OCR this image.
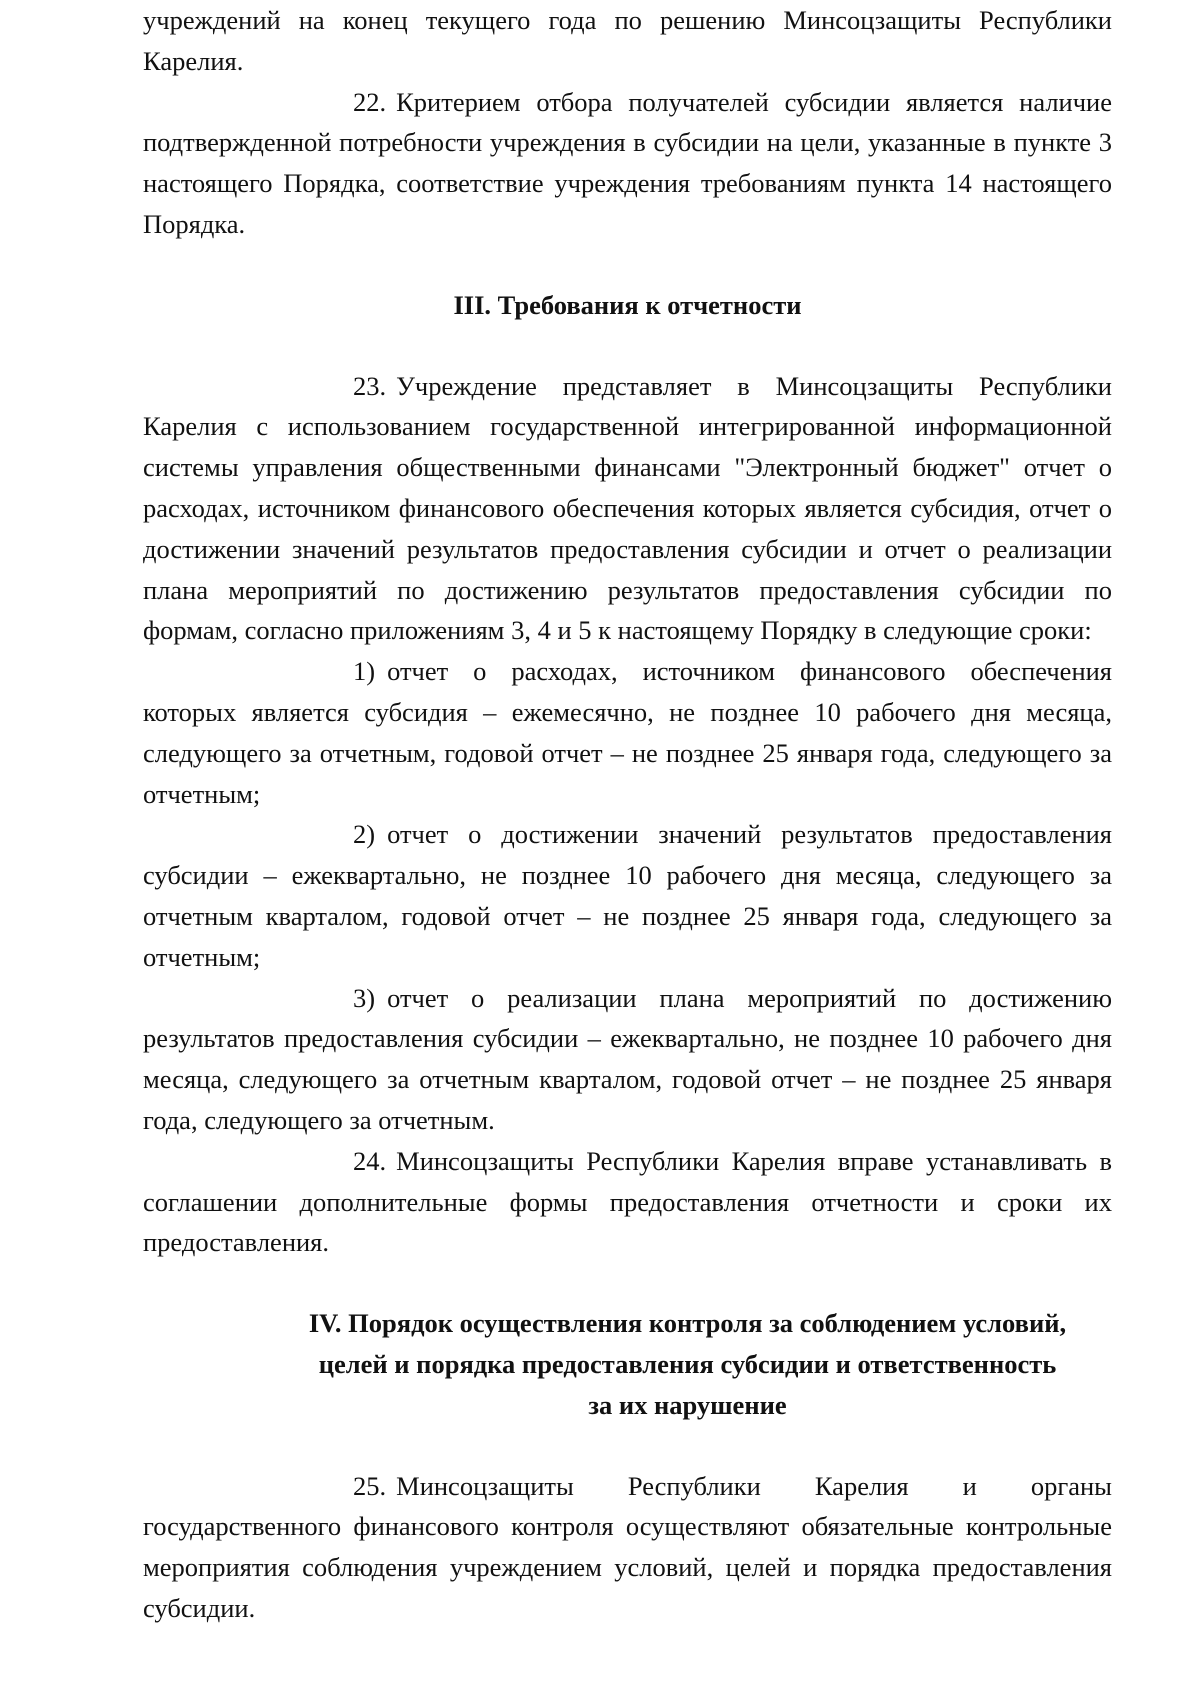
учреждений на конец текущего года по решению Минсоцзащиты Республики Карелия.

22. Критерием отбора получателей субсидии является наличие подтвержденной потребности учреждения в субсидии на цели, указанные в пункте 3 настоящего Порядка, соответствие учреждения требованиям пункта 14 настоящего Порядка.

III. Требования к отчетности

23. Учреждение представляет в Минсоцзащиты Республики Карелия с использованием государственной интегрированной информационной системы управления общественными финансами "Электронный бюджет" отчет о расходах, источником финансового обеспечения которых является субсидия, отчет о достижении значений результатов предоставления субсидии и отчет о реализации плана мероприятий по достижению результатов предоставления субсидии по формам, согласно приложениям 3, 4 и 5 к настоящему Порядку в следующие сроки:

1) отчет о расходах, источником финансового обеспечения которых является субсидия – ежемесячно, не позднее 10 рабочего дня месяца, следующего за отчетным, годовой отчет – не позднее 25 января года, следующего за отчетным;

2) отчет о достижении значений результатов предоставления субсидии – ежеквартально, не позднее 10 рабочего дня месяца, следующего за отчетным кварталом, годовой отчет – не позднее 25 января года, следующего за отчетным;

3) отчет о реализации плана мероприятий по достижению результатов предоставления субсидии – ежеквартально, не позднее 10 рабочего дня месяца, следующего за отчетным кварталом, годовой отчет – не позднее 25 января года, следующего за отчетным.

24. Минсоцзащиты Республики Карелия вправе устанавливать в соглашении дополнительные формы предоставления отчетности и сроки их предоставления.

IV. Порядок осуществления контроля за соблюдением условий,
целей и порядка предоставления субсидии и ответственность
за их нарушение

25. Минсоцзащиты Республики Карелия и органы государственного финансового контроля осуществляют обязательные контрольные мероприятия соблюдения учреждением условий, целей и порядка предоставления субсидии.
